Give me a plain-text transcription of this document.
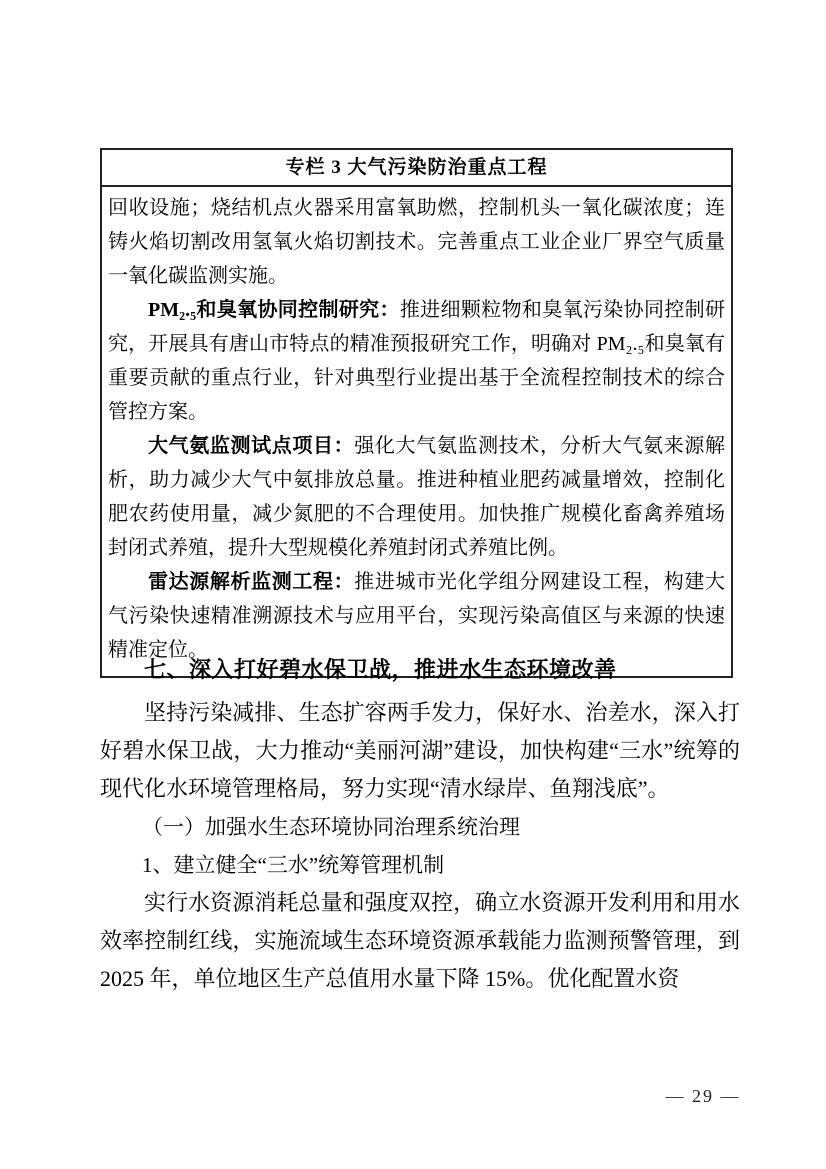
专栏 3 大气污染防治重点工程

回收设施；烧结机点火器采用富氧助燃，控制机头一氧化碳浓度；连铸火焰切割改用氢氧火焰切割技术。完善重点工业企业厂界空气质量一氧化碳监测实施。

PM₂.₅和臭氧协同控制研究：推进细颗粒物和臭氧污染协同控制研究，开展具有唐山市特点的精准预报研究工作，明确对 PM₂.₅和臭氧有重要贡献的重点行业，针对典型行业提出基于全流程控制技术的综合管控方案。

大气氨监测试点项目：强化大气氨监测技术，分析大气氨来源解析，助力减少大气中氨排放总量。推进种植业肥药减量增效，控制化肥农药使用量，减少氮肥的不合理使用。加快推广规模化畜禽养殖场封闭式养殖，提升大型规模化养殖封闭式养殖比例。

雷达源解析监测工程：推进城市光化学组分网建设工程，构建大气污染快速精准溯源技术与应用平台，实现污染高值区与来源的快速精准定位。

七、深入打好碧水保卫战，推进水生态环境改善

坚持污染减排、生态扩容两手发力，保好水、治差水，深入打好碧水保卫战，大力推动“美丽河湖”建设，加快构建“三水”统筹的现代化水环境管理格局，努力实现“清水绿岸、鱼翔浅底”。

（一）加强水生态环境协同治理系统治理

1、建立健全“三水”统筹管理机制

实行水资源消耗总量和强度双控，确立水资源开发利用和用水效率控制红线，实施流域生态环境资源承载能力监测预警管理，到 2025 年，单位地区生产总值用水量下降 15%。优化配置水资

— 29 —
